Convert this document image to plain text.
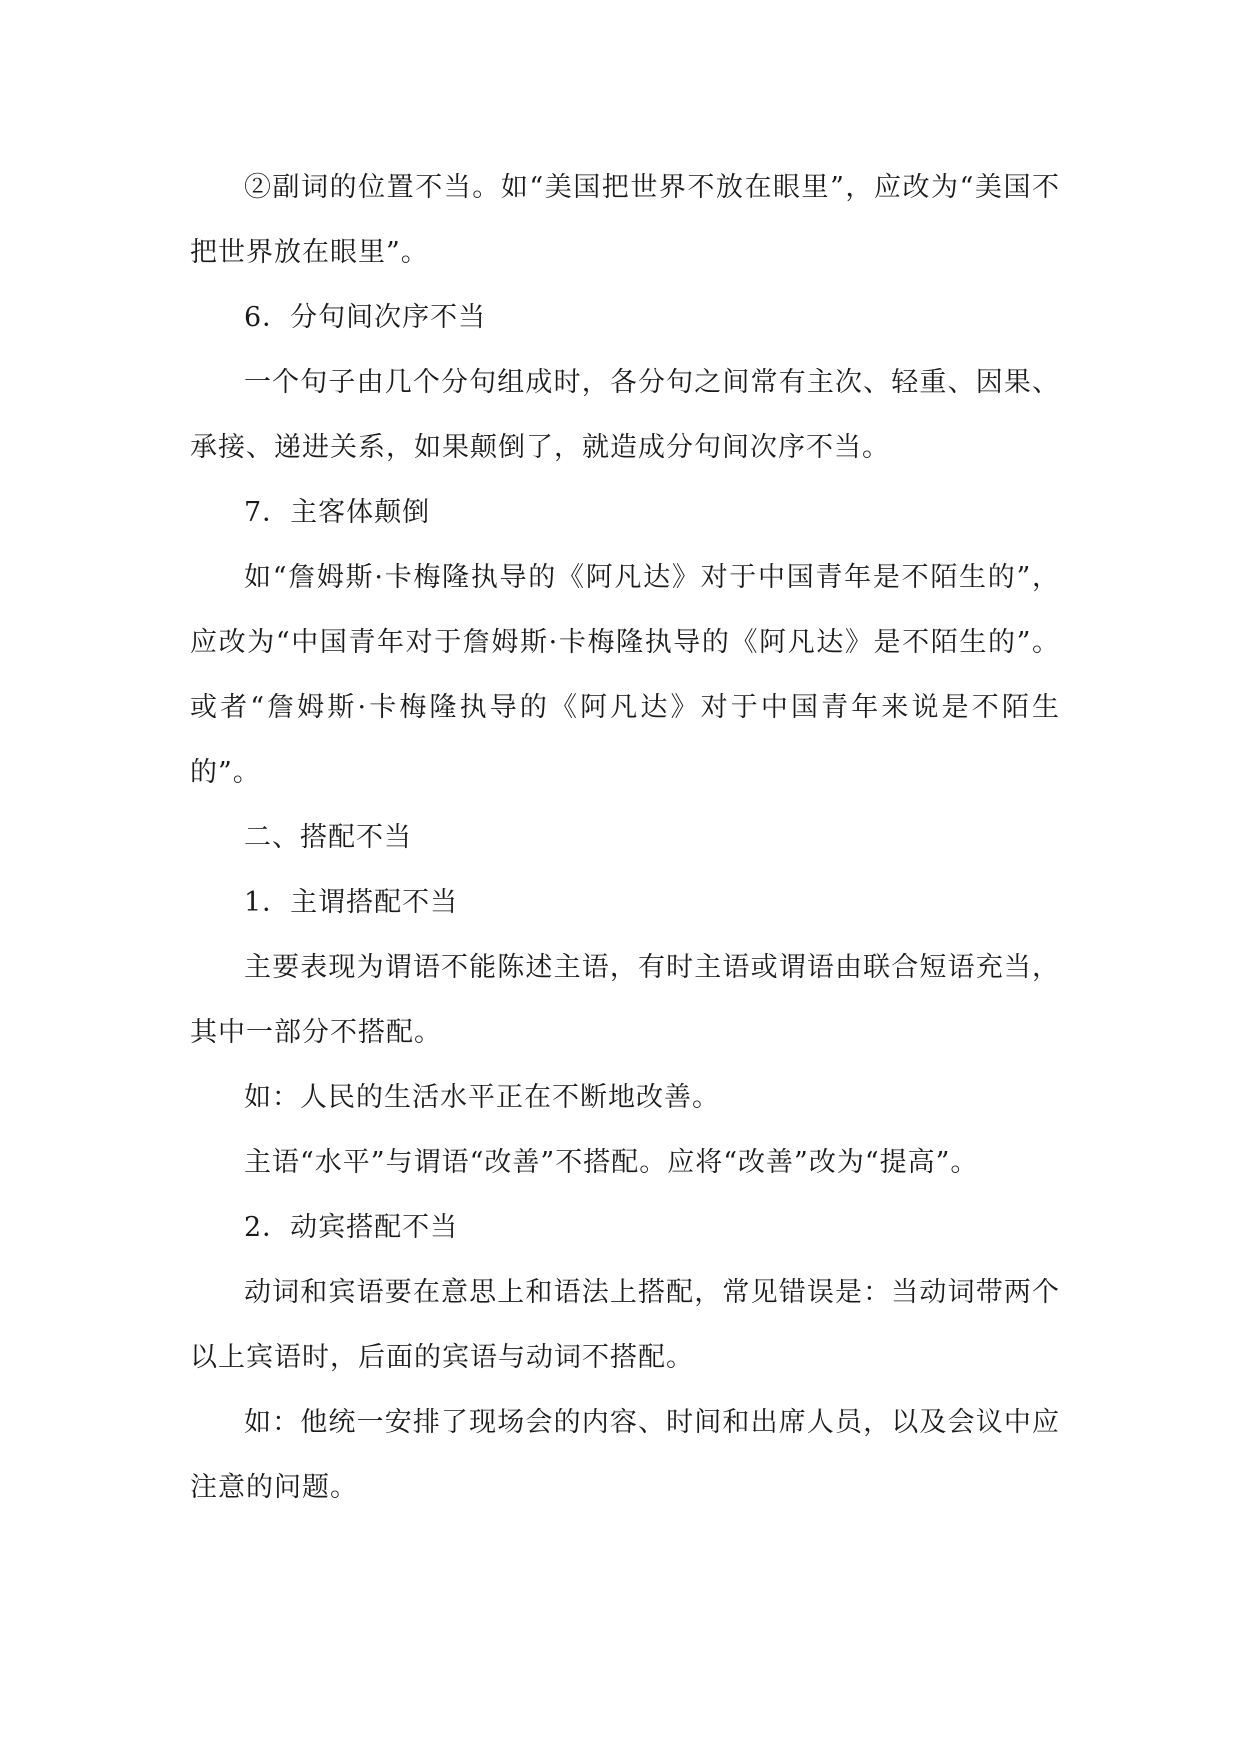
②副词的位置不当。如“美国把世界不放在眼里”，应改为“美国不把世界放在眼里”。

6．分句间次序不当

一个句子由几个分句组成时，各分句之间常有主次、轻重、因果、承接、递进关系，如果颠倒了，就造成分句间次序不当。

7．主客体颠倒

如“詹姆斯·卡梅隆执导的《阿凡达》对于中国青年是不陌生的”，应改为“中国青年对于詹姆斯·卡梅隆执导的《阿凡达》是不陌生的”。或者“詹姆斯·卡梅隆执导的《阿凡达》对于中国青年来说是不陌生的”。

二、搭配不当

1．主谓搭配不当

主要表现为谓语不能陈述主语，有时主语或谓语由联合短语充当，其中一部分不搭配。

如：人民的生活水平正在不断地改善。

主语“水平”与谓语“改善”不搭配。应将“改善”改为“提高”。

2．动宾搭配不当

动词和宾语要在意思上和语法上搭配，常见错误是：当动词带两个以上宾语时，后面的宾语与动词不搭配。

如：他统一安排了现场会的内容、时间和出席人员，以及会议中应注意的问题。
